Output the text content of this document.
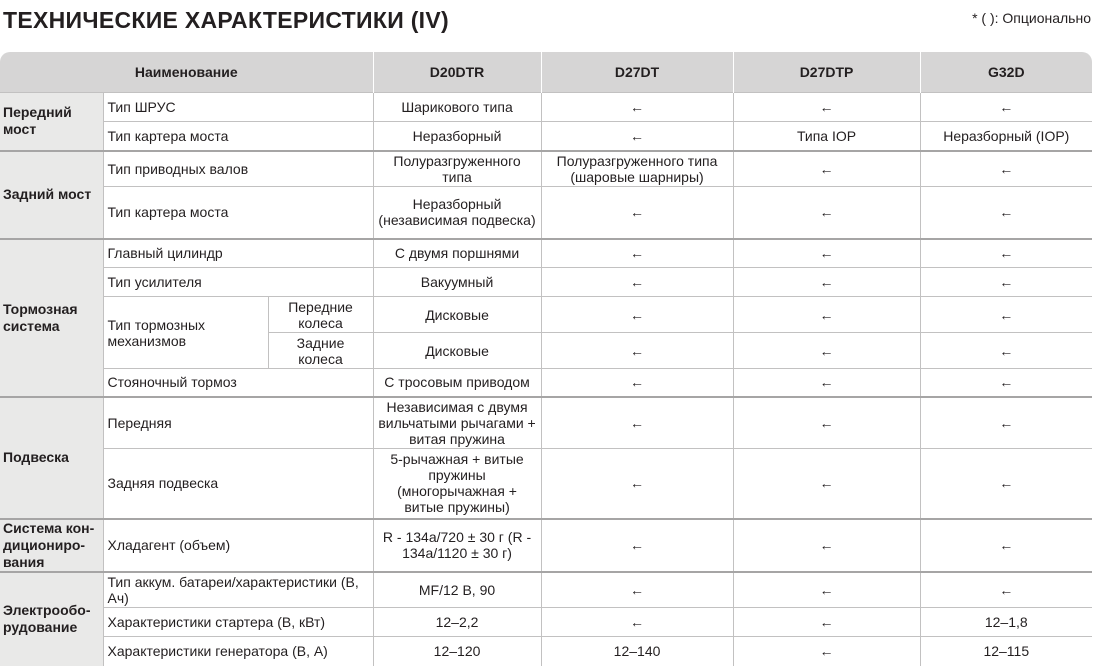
ТЕХНИЧЕСКИЕ ХАРАКТЕРИСТИКИ (IV)	* ( ): Опционально
Наименование			D20DTR	D27DT	D27DTP	G32D
Передний мост	Тип ШРУС		Шарикового типа	←	←	←
	Тип картера моста		Неразборный	←	Типа IOP	Неразборный (IOP)
Задний мост	Тип приводных валов		Полуразгруженного типа	Полуразгруженного типа (шаровые шарниры)	←	←
	Тип картера моста		Неразборный (независимая подвеска)	←	←	←
Тормозная система	Главный цилиндр		С двумя поршнями	←	←	←
	Тип усилителя		Вакуумный	←	←	←
	Тип тормозных механизмов	Передние колеса	Дисковые	←	←	←
		Задние колеса	Дисковые	←	←	←
	Стояночный тормоз		С тросовым приводом	←	←	←
Подвеска	Передняя		Независимая с двумя вильчатыми рычагами + витая пружина	←	←	←
	Задняя подвеска		5-рычажная + витые пружины (многорычажная + витые пружины)	←	←	←
Система кон-дициониро-вания	Хладагент (объем)		R - 134a/720 ± 30 г (R - 134a/1120 ± 30 г)	←	←	←
Электрообо-рудование	Тип аккум. батареи/характеристики (В, Ач)		MF/12 В, 90	←	←	←
	Характеристики стартера (В, кВт)		12–2,2	←	←	12–1,8
	Характеристики генератора (В, А)		12–120	12–140	←	12–115
